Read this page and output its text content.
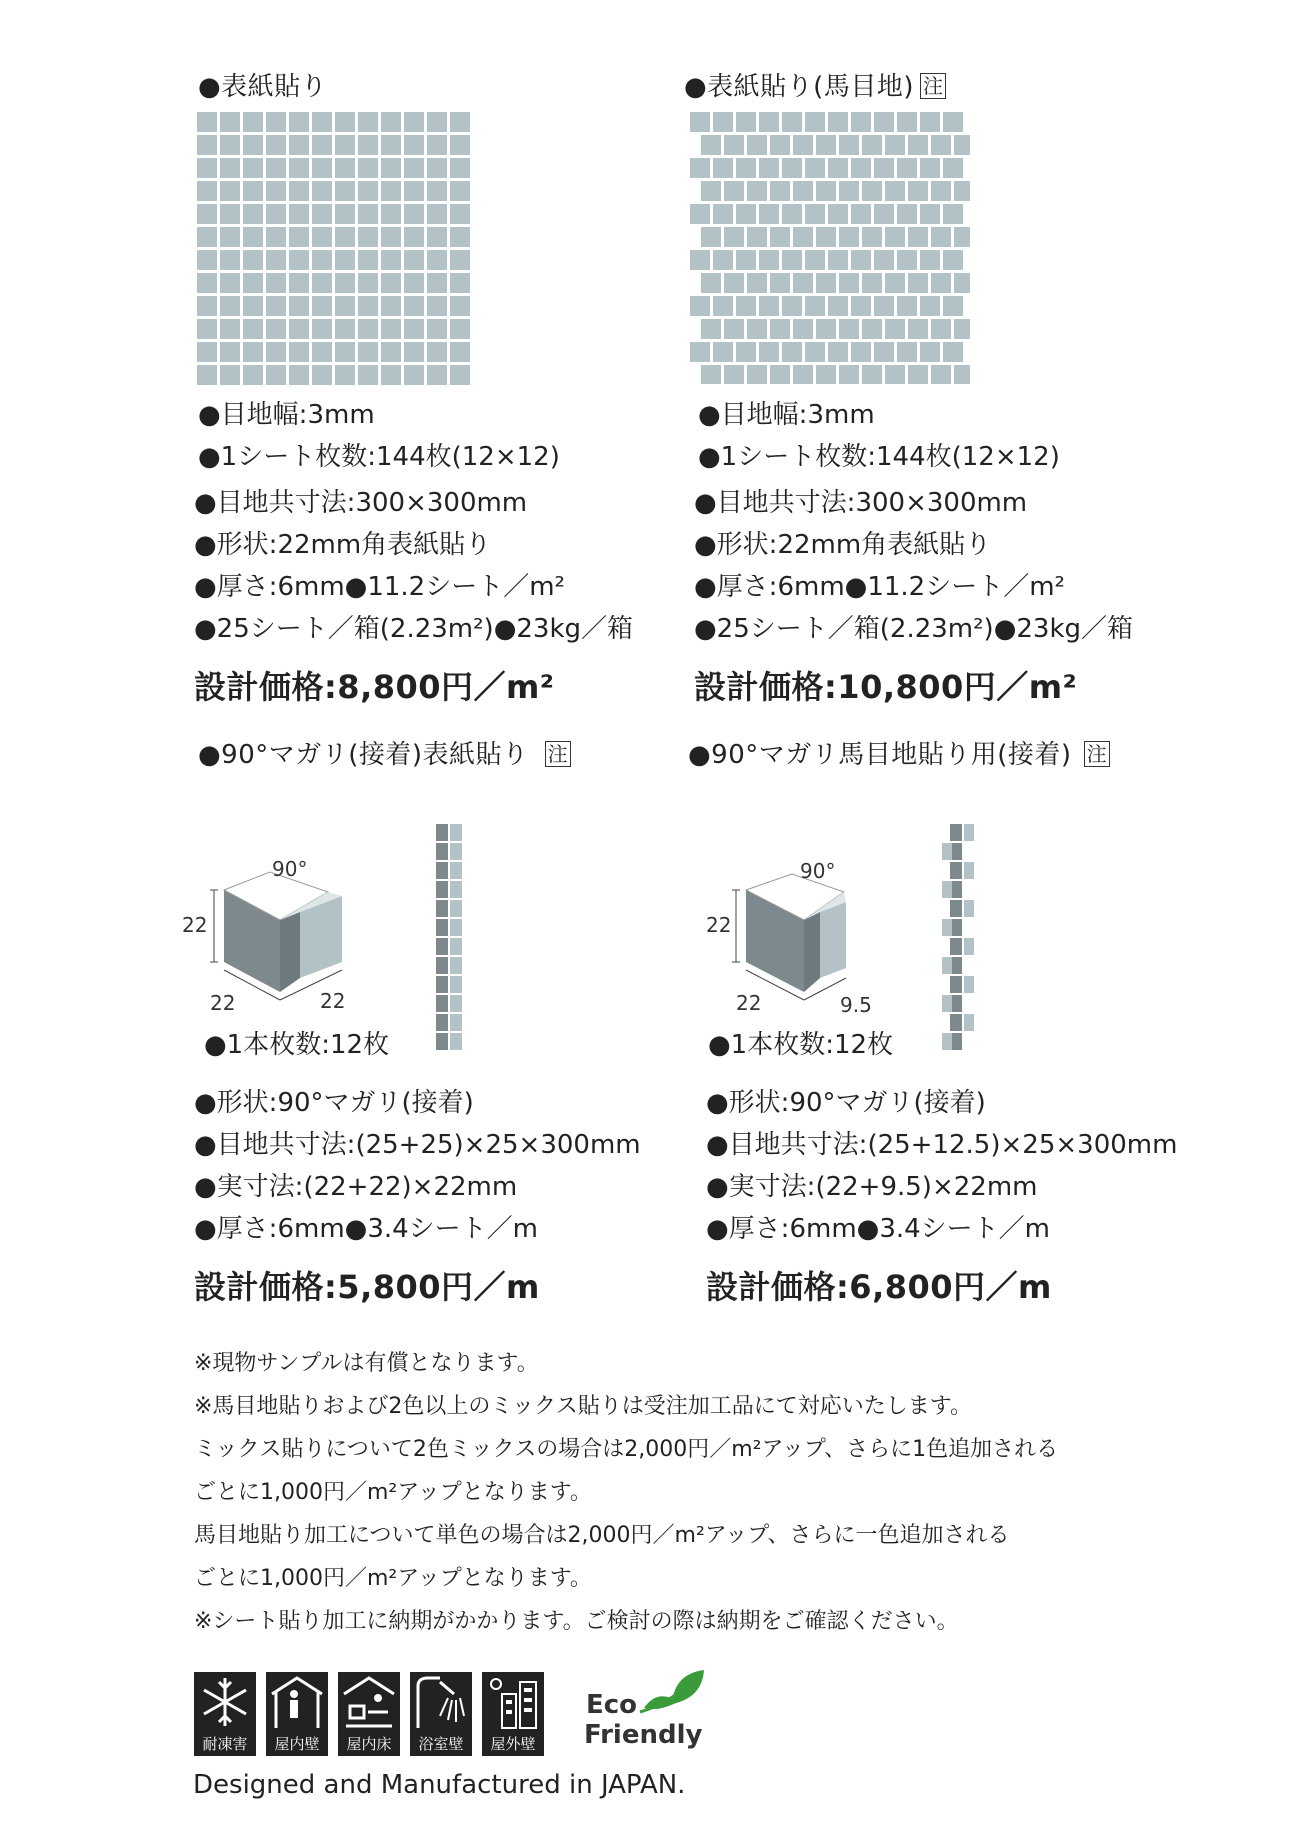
●表紙貼り
●目地幅:3mm
●1シート枚数:144枚(12×12)
●目地共寸法:300×300mm
●形状:22mm角表紙貼り
●厚さ:6mm●11.2シート／m²
●25シート／箱(2.23m²)●23kg／箱
設計価格:8,800円／m²
●表紙貼り(馬目地) 注
●目地幅:3mm
●1シート枚数:144枚(12×12)
●目地共寸法:300×300mm
●形状:22mm角表紙貼り
●厚さ:6mm●11.2シート／m²
●25シート／箱(2.23m²)●23kg／箱
設計価格:10,800円／m²
●90°マガリ(接着)表紙貼り 注
22
90°
22	22
●1本枚数:12枚
●形状:90°マガリ(接着)
●目地共寸法:(25+25)×25×300mm
●実寸法:(22+22)×22mm
●厚さ:6mm●3.4シート／m
設計価格:5,800円／m
●90°マガリ馬目地貼り用(接着) 注
22
90°
22	9.5
●1本枚数:12枚
●形状:90°マガリ(接着)
●目地共寸法:(25+12.5)×25×300mm
●実寸法:(22+9.5)×22mm
●厚さ:6mm●3.4シート／m
設計価格:6,800円／m
※現物サンプルは有償となります。
※馬目地貼りおよび2色以上のミックス貼りは受注加工品にて対応いたします。
ミックス貼りについて2色ミックスの場合は2,000円／m²アップ、さらに1色追加される
ごとに1,000円／m²アップとなります。
馬目地貼り加工について単色の場合は2,000円／m²アップ、さらに一色追加される
ごとに1,000円／m²アップとなります。
※シート貼り加工に納期がかかります。ご検討の際は納期をご確認ください。
耐凍害	屋内壁	屋内床	浴室壁	屋外壁
Eco
Friendly
Designed and Manufactured in JAPAN.
